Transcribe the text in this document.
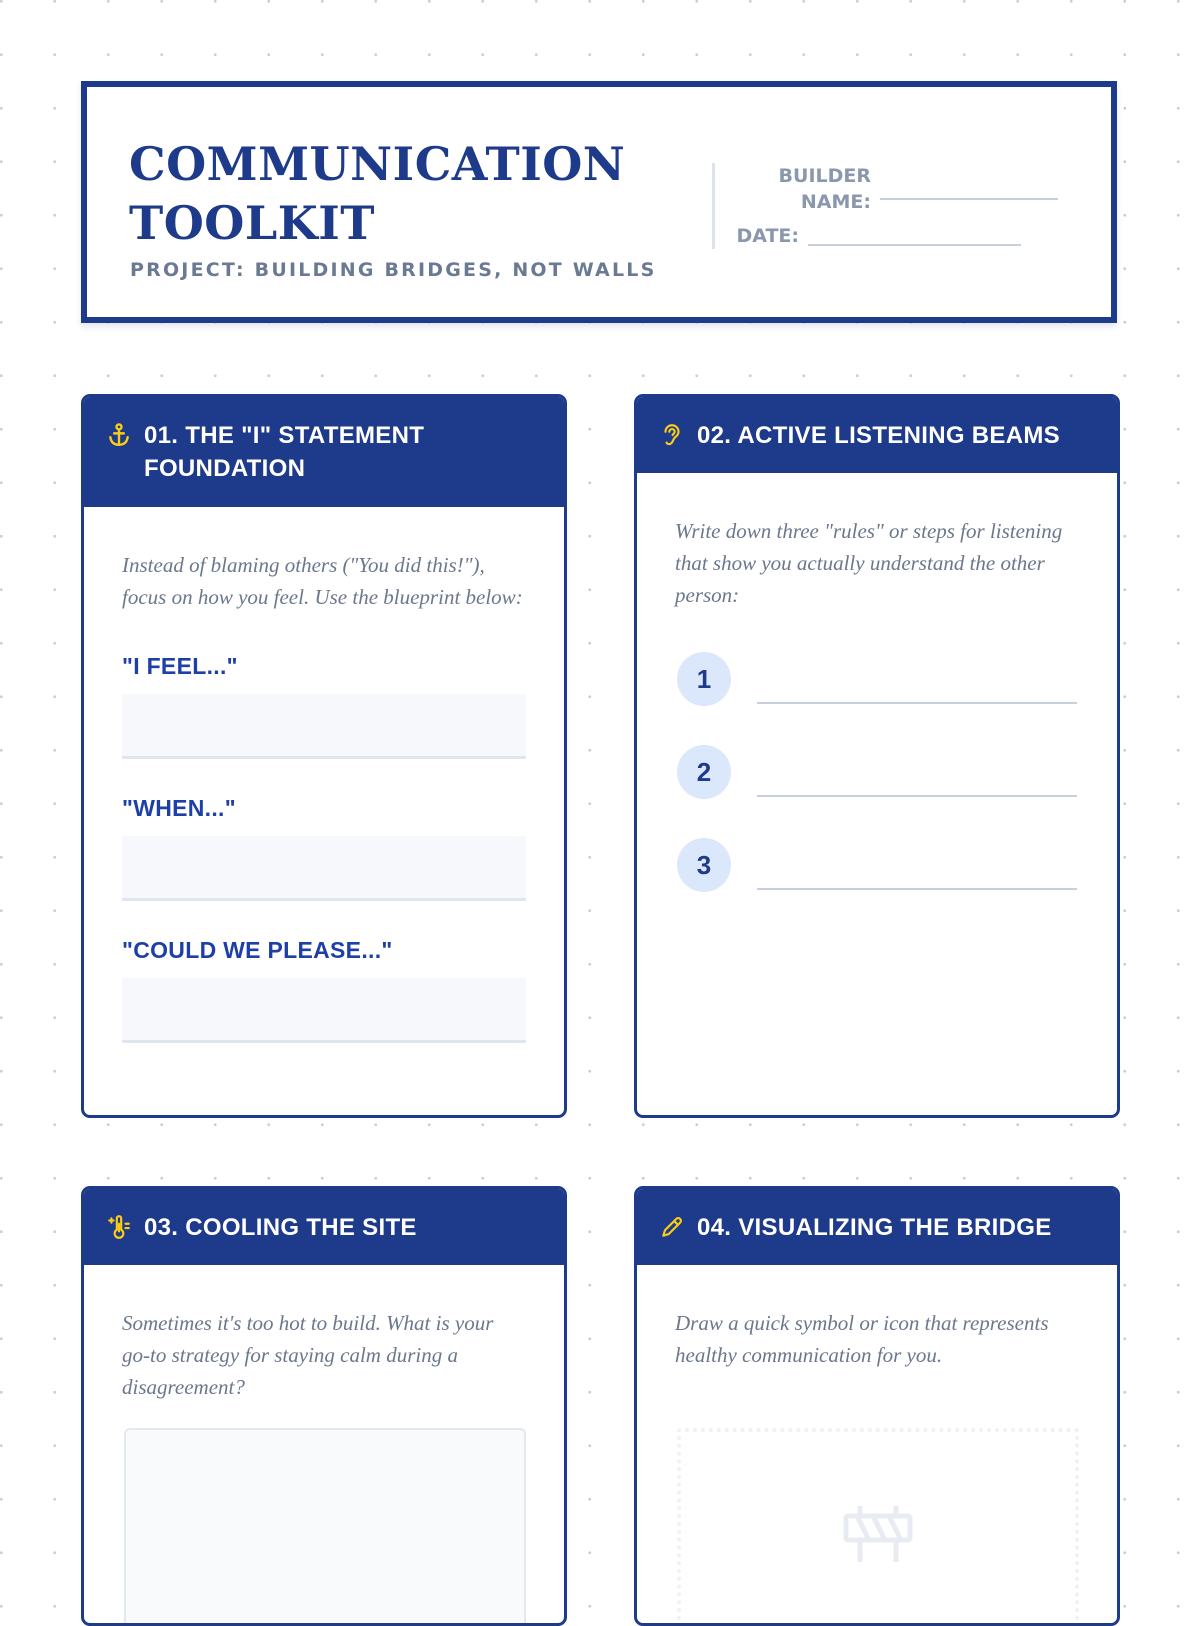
COMMUNICATION
TOOLKIT
PROJECT: BUILDING BRIDGES, NOT WALLS
BUILDER
NAME:
DATE:
01. THE "I" STATEMENT
FOUNDATION

Instead of blaming others ("You did this!"), focus on how you feel. Use the blueprint below:

"I FEEL..."

"WHEN..."

"COULD WE PLEASE..."

02. ACTIVE LISTENING BEAMS

Write down three "rules" or steps for listening that show you actually understand the other person:

1
2
3
03. COOLING THE SITE

Sometimes it's too hot to build. What is your go-to strategy for staying calm during a disagreement?

04. VISUALIZING THE BRIDGE

Draw a quick symbol or icon that represents healthy communication for you.
